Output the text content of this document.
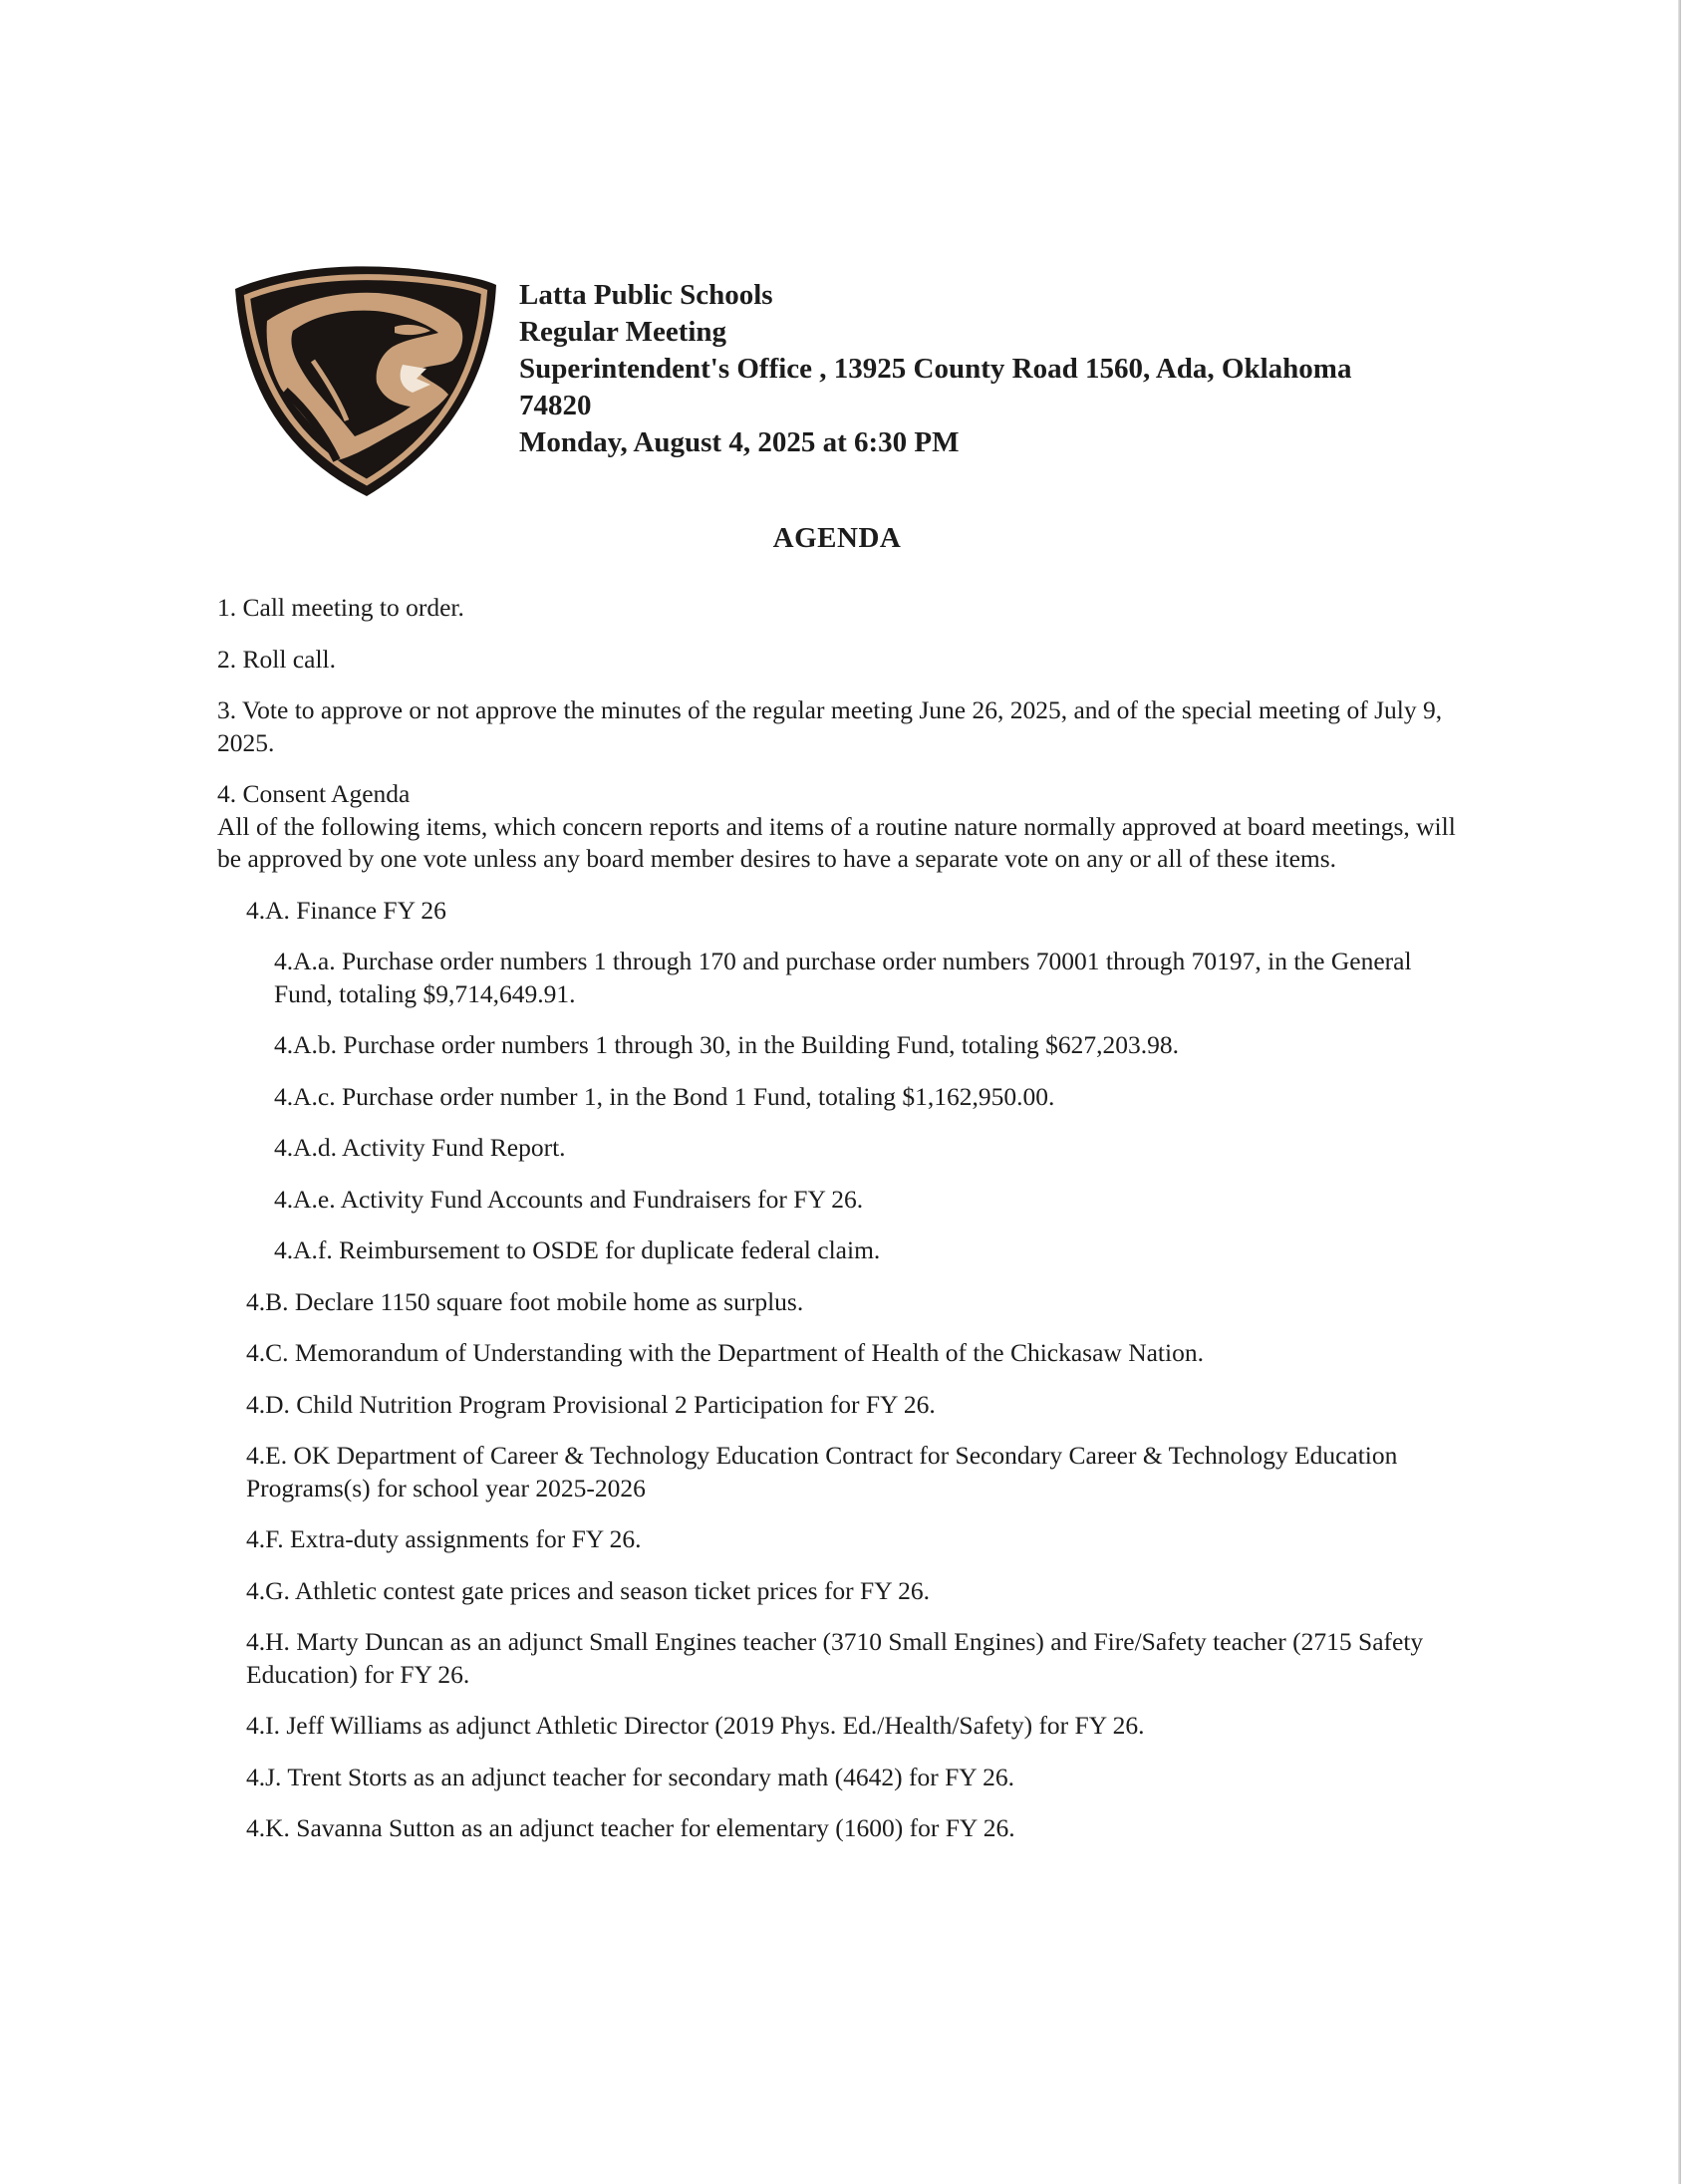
Latta Public Schools
Regular Meeting
Superintendent's Office , 13925 County Road 1560, Ada, Oklahoma
74820
Monday, August 4, 2025 at 6:30 PM
AGENDA
1. Call meeting to order.
2. Roll call.
3. Vote to approve or not approve the minutes of the regular meeting June 26, 2025, and of the special meeting of July 9, 2025.
4. Consent Agenda
All of the following items, which concern reports and items of a routine nature normally approved at board meetings, will be approved by one vote unless any board member desires to have a separate vote on any or all of these items.
4.A. Finance FY 26
4.A.a. Purchase order numbers 1 through 170 and purchase order numbers 70001 through 70197, in the General Fund, totaling $9,714,649.91.
4.A.b. Purchase order numbers 1 through 30, in the Building Fund, totaling $627,203.98.
4.A.c. Purchase order number 1, in the Bond 1 Fund, totaling $1,162,950.00.
4.A.d. Activity Fund Report.
4.A.e. Activity Fund Accounts and Fundraisers for FY 26.
4.A.f. Reimbursement to OSDE for duplicate federal claim.
4.B. Declare 1150 square foot mobile home as surplus.
4.C. Memorandum of Understanding with the Department of Health of the Chickasaw Nation.
4.D. Child Nutrition Program Provisional 2 Participation for FY 26.
4.E. OK Department of Career & Technology Education Contract for Secondary Career & Technology Education Programs(s) for school year 2025-2026
4.F. Extra-duty assignments for FY 26.
4.G. Athletic contest gate prices and season ticket prices for FY 26.
4.H. Marty Duncan as an adjunct Small Engines teacher (3710 Small Engines) and Fire/Safety teacher (2715 Safety Education) for FY 26.
4.I. Jeff Williams as adjunct Athletic Director (2019 Phys. Ed./Health/Safety) for FY 26.
4.J. Trent Storts as an adjunct teacher for secondary math (4642) for FY 26.
4.K. Savanna Sutton as an adjunct teacher for elementary (1600) for FY 26.
